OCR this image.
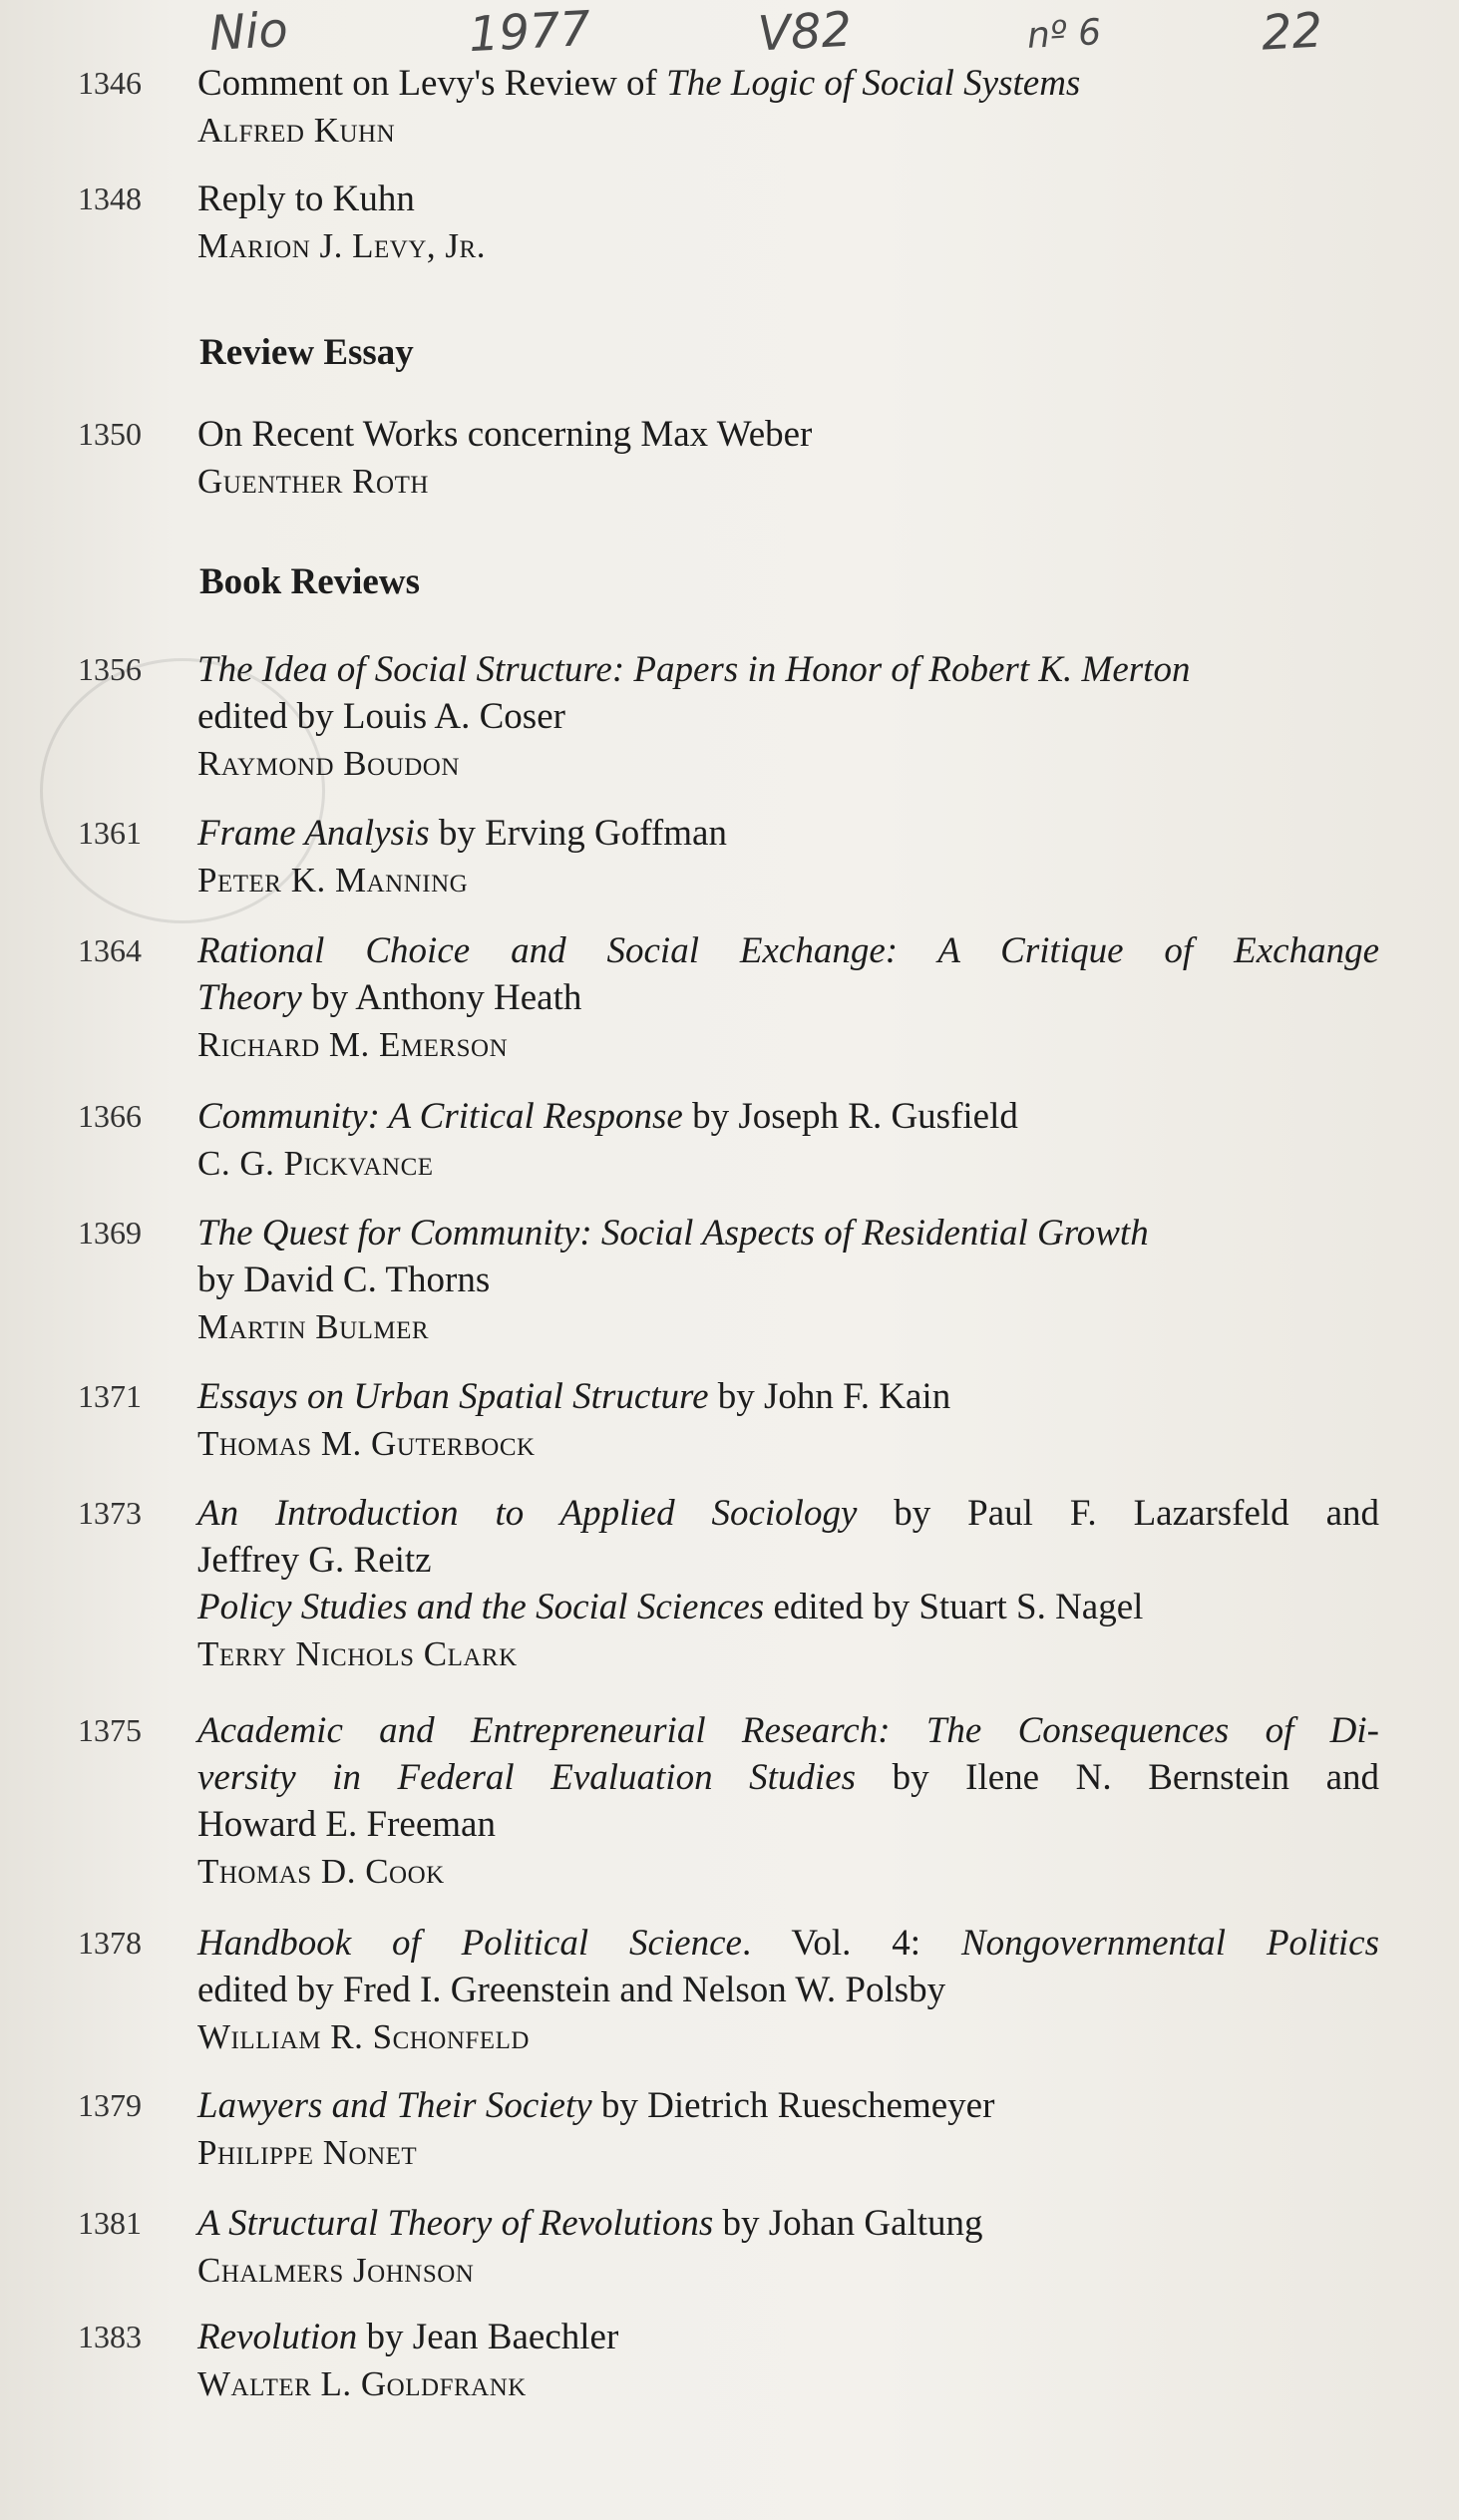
Nio	1977	V82	nº 6	22
1346	Comment on Levy's Review of The Logic of Social Systems
Alfred Kuhn
1348	Reply to Kuhn
Marion J. Levy, Jr.
Review Essay
1350	On Recent Works concerning Max Weber
Guenther Roth
Book Reviews
1356	The Idea of Social Structure: Papers in Honor of Robert K. Merton
edited by Louis A. Coser
Raymond Boudon
1361	Frame Analysis by Erving Goffman
Peter K. Manning
1364	Rational Choice and Social Exchange: A Critique of Exchange
Theory by Anthony Heath
Richard M. Emerson
1366	Community: A Critical Response by Joseph R. Gusfield
C. G. Pickvance
1369	The Quest for Community: Social Aspects of Residential Growth
by David C. Thorns
Martin Bulmer
1371	Essays on Urban Spatial Structure by John F. Kain
Thomas M. Guterbock
1373	An Introduction to Applied Sociology by Paul F. Lazarsfeld and
Jeffrey G. Reitz
Policy Studies and the Social Sciences edited by Stuart S. Nagel
Terry Nichols Clark
1375	Academic and Entrepreneurial Research: The Consequences of Di-
versity in Federal Evaluation Studies by Ilene N. Bernstein and
Howard E. Freeman
Thomas D. Cook
1378	Handbook of Political Science. Vol. 4: Nongovernmental Politics
edited by Fred I. Greenstein and Nelson W. Polsby
William R. Schonfeld
1379	Lawyers and Their Society by Dietrich Rueschemeyer
Philippe Nonet
1381	A Structural Theory of Revolutions by Johan Galtung
Chalmers Johnson
1383	Revolution by Jean Baechler
Walter L. Goldfrank
